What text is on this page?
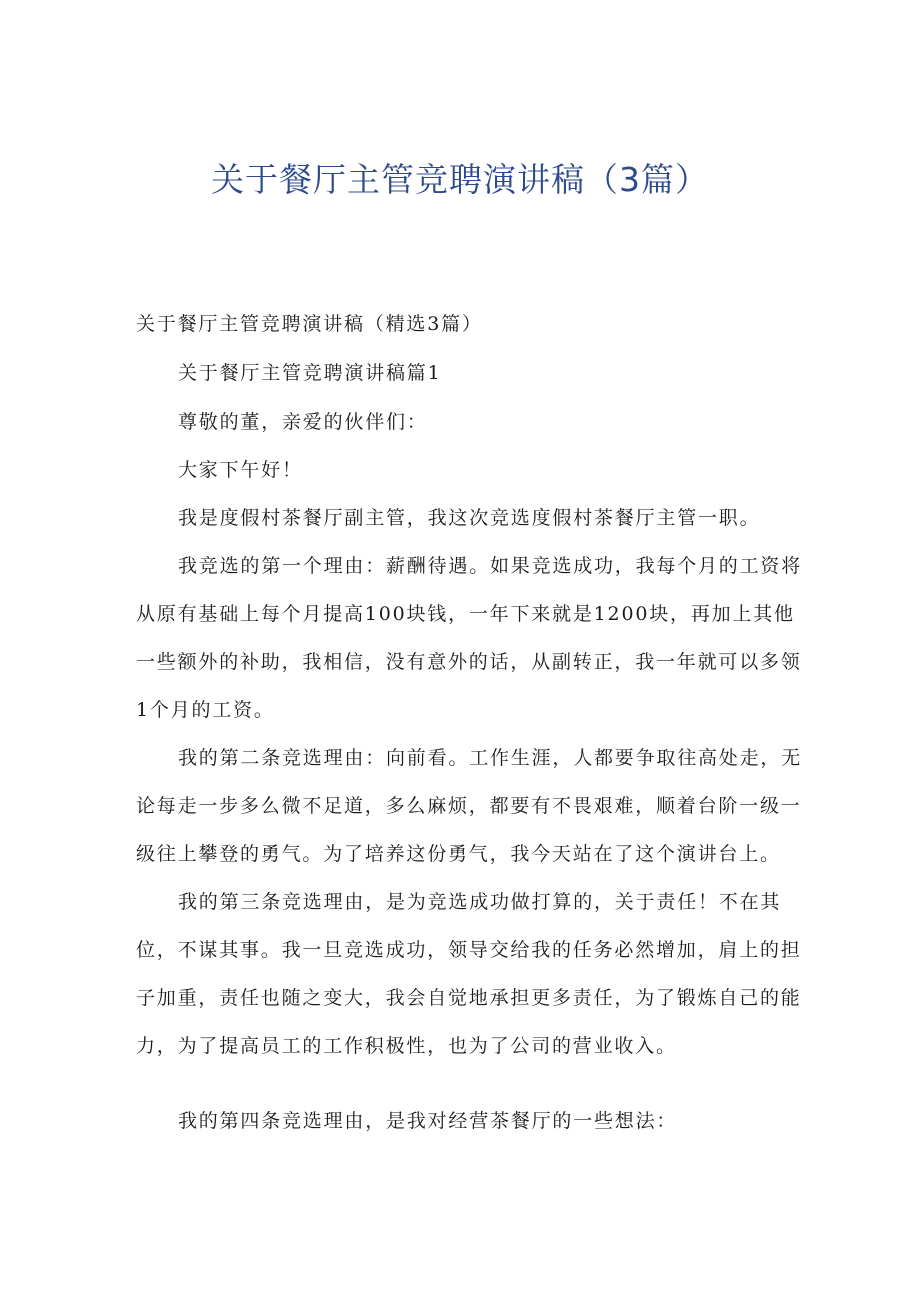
关于餐厅主管竞聘演讲稿（3篇）
关于餐厅主管竞聘演讲稿（精选3篇）
关于餐厅主管竞聘演讲稿篇1
尊敬的董，亲爱的伙伴们：
大家下午好！
我是度假村茶餐厅副主管，我这次竞选度假村茶餐厅主管一职。
我竞选的第一个理由：薪酬待遇。如果竞选成功，我每个月的工资将
从原有基础上每个月提高100块钱，一年下来就是1200块，再加上其他
一些额外的补助，我相信，没有意外的话，从副转正，我一年就可以多领
1个月的工资。
我的第二条竞选理由：向前看。工作生涯，人都要争取往高处走，无
论每走一步多么微不足道，多么麻烦，都要有不畏艰难，顺着台阶一级一
级往上攀登的勇气。为了培养这份勇气，我今天站在了这个演讲台上。
我的第三条竞选理由，是为竞选成功做打算的，关于责任！不在其
位，不谋其事。我一旦竞选成功，领导交给我的任务必然增加，肩上的担
子加重，责任也随之变大，我会自觉地承担更多责任，为了锻炼自己的能
力，为了提高员工的工作积极性，也为了公司的营业收入。
我的第四条竞选理由，是我对经营茶餐厅的一些想法：
